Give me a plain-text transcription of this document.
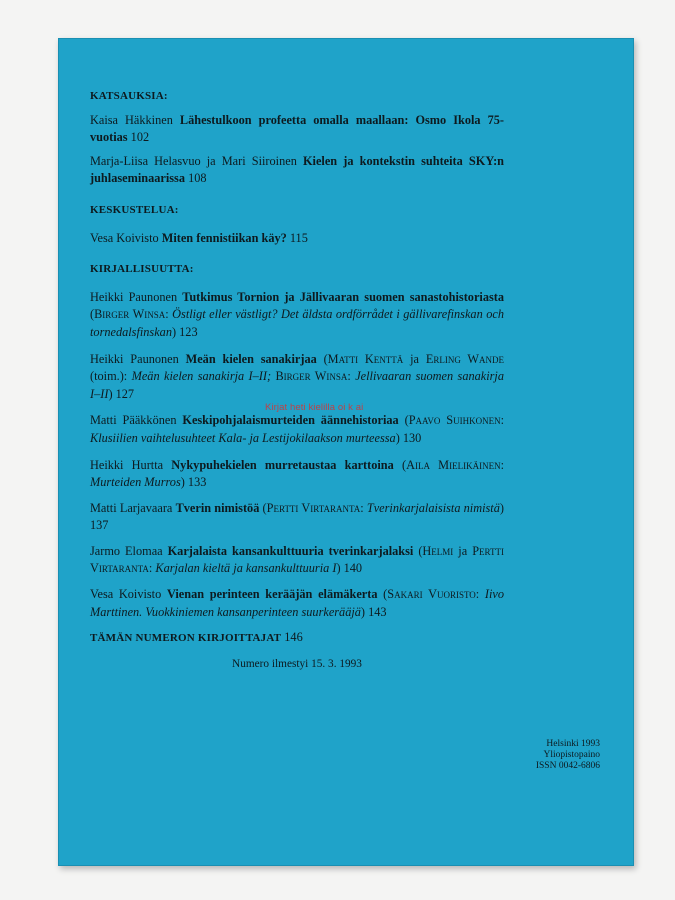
KATSAUKSIA:
Kaisa Häkkinen Lähestulkoon profeetta omalla maallaan: Osmo Ikola 75-vuotias 102
Marja-Liisa Helasvuo ja Mari Siiroinen Kielen ja kontekstin suhteita SKY:n juhlaseminaarissa 108
KESKUSTELUA:
Vesa Koivisto Miten fennistiikan käy? 115
KIRJALLISUUTTA:
Heikki Paunonen Tutkimus Tornion ja Jällivaaran suomen sanastohistoriasta (Birger Winsa: Östligt eller västligt? Det äldsta ordförrådet i gällivarefinskan och tornedalsfinskan) 123
Heikki Paunonen Meän kielen sanakirjaa (Matti Kenttä ja Erling Wande (toim.): Meän kielen sanakirja I–II; Birger Winsa: Jellivaaran suomen sanakirja I–II) 127
Matti Pääkkönen Keskipohjalaismurteiden äännehistoriaa (Paavo Suihkonen: Klusiilien vaihtelusuhteet Kala- ja Lestijokilaakson murteessa) 130
Heikki Hurtta Nykypuhekielen murretaustaa karttoina (Aila Mielikäinen: Murteiden Murros) 133
Matti Larjavaara Tverin nimistöä (Pertti Virtaranta: Tverinkarjalaisista nimistä) 137
Jarmo Elomaa Karjalaista kansankulttuuria tverinkarjalaksi (Helmi ja Pertti Virtaranta: Karjalan kieltä ja kansankulttuuria I) 140
Vesa Koivisto Vienan perinteen kerääjän elämäkerta (Sakari Vuoristo: Iivo Marttinen. Vuokkiniemen kansanperinteen suurkerääjä) 143
TÄMÄN NUMERON KIRJOITTAJAT 146
Numero ilmestyi 15. 3. 1993
Kirjat heti kielilla oi k ai
Helsinki 1993
Yliopistopaino
ISSN 0042-6806
